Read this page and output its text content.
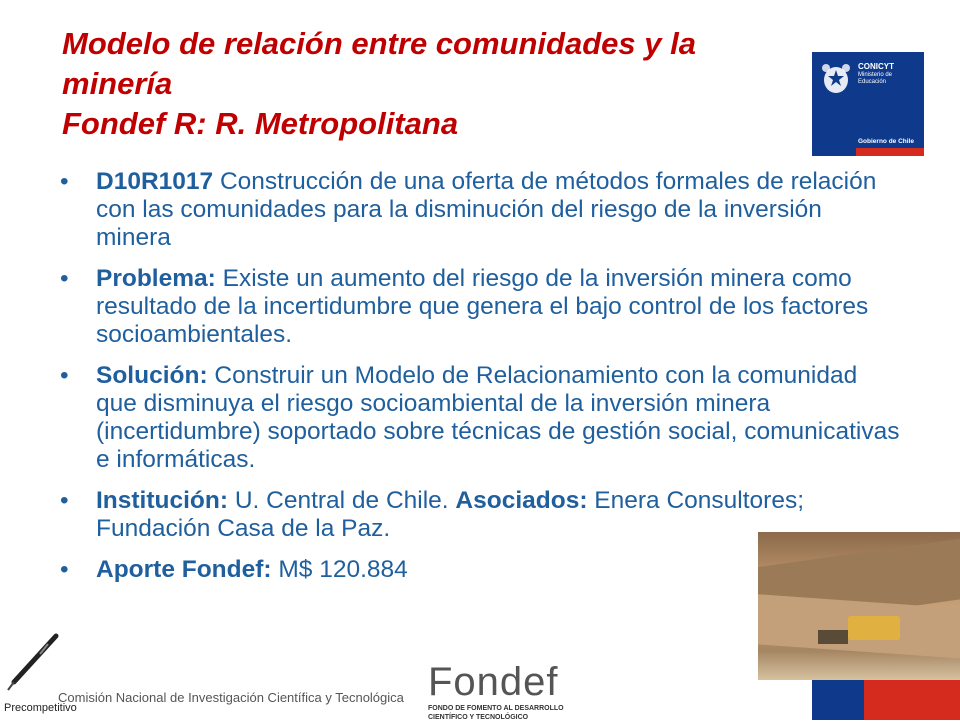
Modelo de relación entre comunidades y la
minería
Fondef R: R. Metropolitana
CONICYT
Ministerio de Educación
Gobierno de Chile
• D10R1017 Construcción de una oferta de métodos formales de relación con las comunidades para la disminución del riesgo de la inversión minera
• Problema: Existe un aumento del riesgo de la inversión minera como resultado de la incertidumbre que genera el bajo control de los factores socioambientales.
• Solución: Construir un Modelo de Relacionamiento con la comunidad que disminuya el riesgo socioambiental de la inversión minera (incertidumbre) soportado sobre técnicas de gestión social, comunicativas e informáticas.
• Institución: U. Central de Chile. Asociados: Enera Consultores; Fundación Casa de la Paz.
• Aporte Fondef: M$ 120.884
Comisión Nacional de Investigación Científica y Tecnológica
Precompetitivo
Fondef
FONDO DE FOMENTO AL DESARROLLO
CIENTÍFICO Y TECNOLÓGICO
